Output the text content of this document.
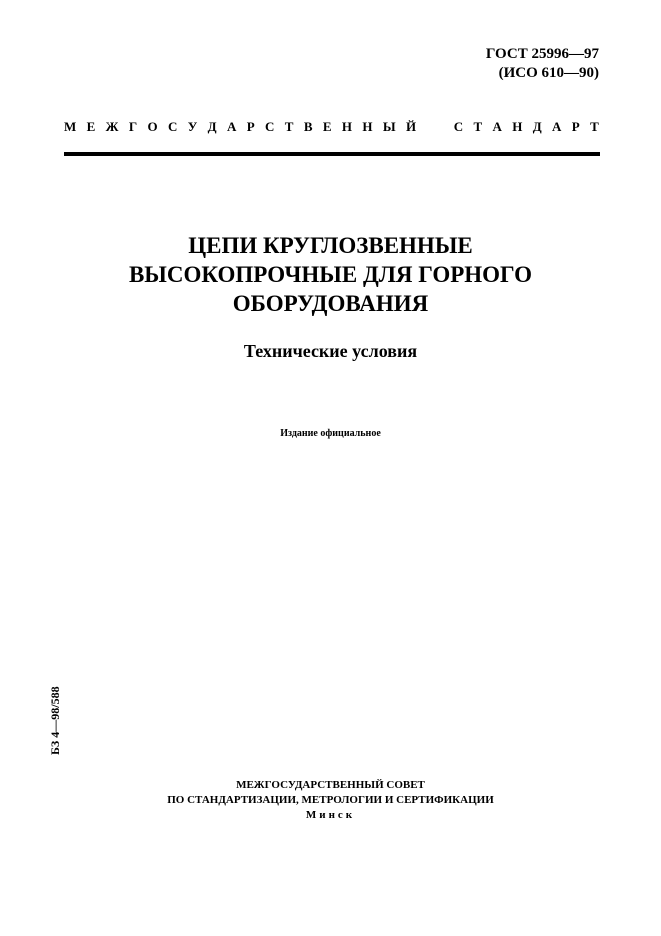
ГОСТ 25996—97
(ИСО 610—90)
М Е Ж Г О С У Д А Р С Т В Е Н Н Ы Й

	С Т А Н Д А Р Т
ЦЕПИ КРУГЛОЗВЕННЫЕ
ВЫСОКОПРОЧНЫЕ ДЛЯ ГОРНОГО
ОБОРУДОВАНИЯ
Технические условия
Издание официальное
БЗ 4—98/588
МЕЖГОСУДАРСТВЕННЫЙ СОВЕТ
ПО СТАНДАРТИЗАЦИИ, МЕТРОЛОГИИ И СЕРТИФИКАЦИИ
Минск
